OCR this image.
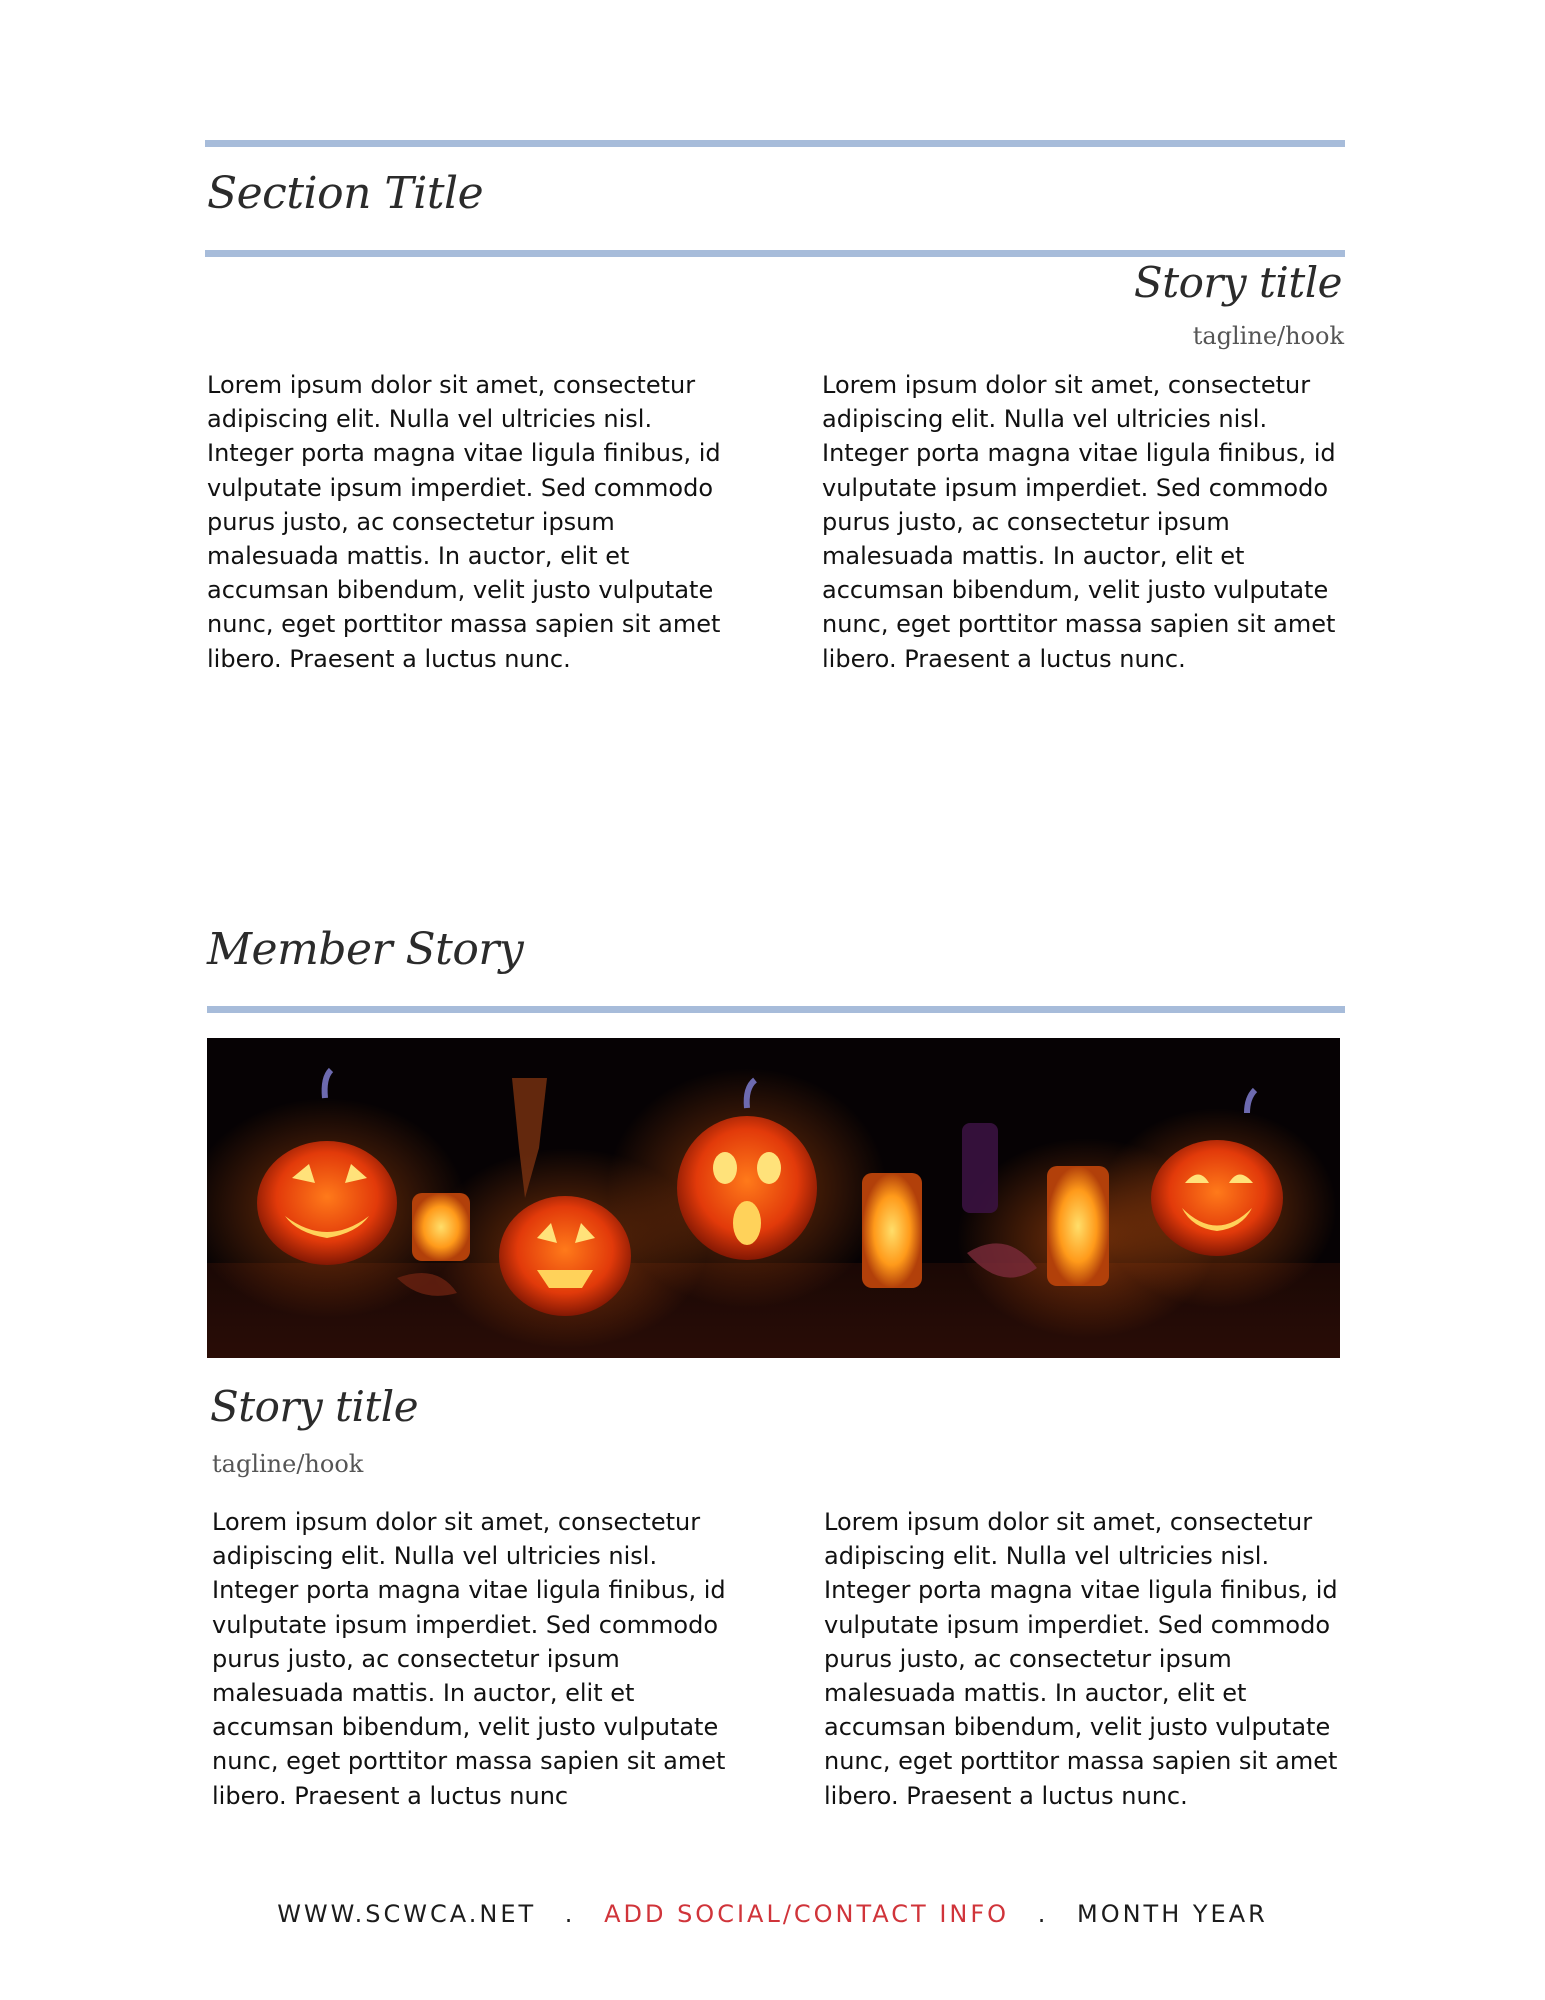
Section Title
Story title
tagline/hook

Lorem ipsum dolor sit amet, consectetur adipiscing elit. Nulla vel ultricies nisl. Integer porta magna vitae ligula finibus, id vulputate ipsum imperdiet. Sed commodo purus justo, ac consectetur ipsum malesuada mattis. In auctor, elit et accumsan bibendum, velit justo vulputate nunc, eget porttitor massa sapien sit amet libero. Praesent a luctus nunc.

Lorem ipsum dolor sit amet, consectetur adipiscing elit. Nulla vel ultricies nisl. Integer porta magna vitae ligula finibus, id vulputate ipsum imperdiet. Sed commodo purus justo, ac consectetur ipsum malesuada mattis. In auctor, elit et accumsan bibendum, velit justo vulputate nunc, eget porttitor massa sapien sit amet libero. Praesent a luctus nunc.

Member Story
Story title
tagline/hook

Lorem ipsum dolor sit amet, consectetur adipiscing elit. Nulla vel ultricies nisl. Integer porta magna vitae ligula finibus, id vulputate ipsum imperdiet. Sed commodo purus justo, ac consectetur ipsum malesuada mattis. In auctor, elit et accumsan bibendum, velit justo vulputate nunc, eget porttitor massa sapien sit amet libero. Praesent a luctus nunc

Lorem ipsum dolor sit amet, consectetur adipiscing elit. Nulla vel ultricies nisl. Integer porta magna vitae ligula finibus, id vulputate ipsum imperdiet. Sed commodo purus justo, ac consectetur ipsum malesuada mattis. In auctor, elit et accumsan bibendum, velit justo vulputate nunc, eget porttitor massa sapien sit amet libero. Praesent a luctus nunc.

WWW.SCWCA.NET . ADD SOCIAL/CONTACT INFO . MONTH YEAR
